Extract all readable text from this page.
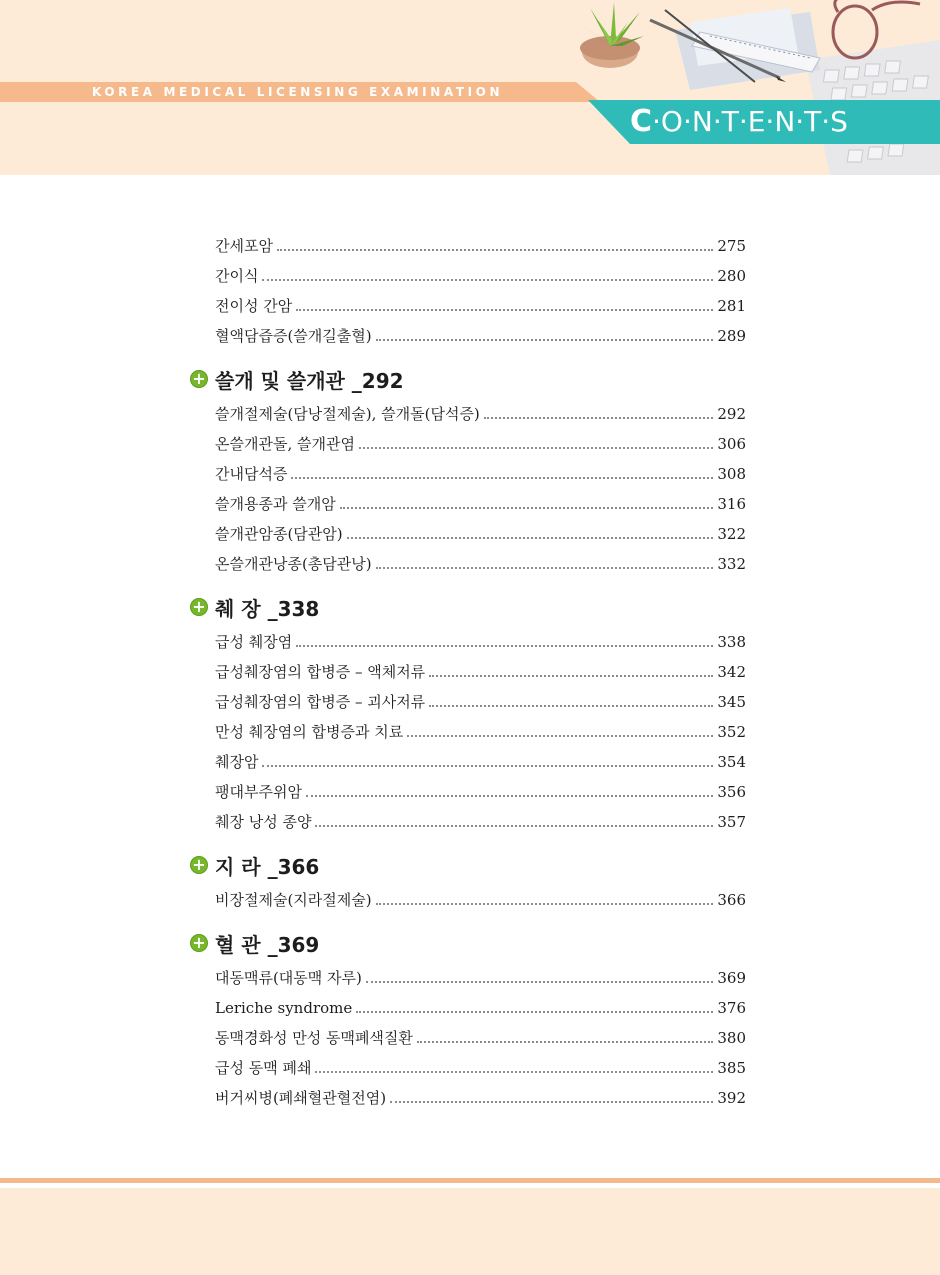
KOREA MEDICAL LICENSING EXAMINATION
C·O·N·T·E·N·T·S
간세포암	275
간이식	280
전이성 간암	281
혈액담즙증(쓸개길출혈)	289
+ 쓸개 및 쓸개관 _292
쓸개절제술(담낭절제술), 쓸개돌(담석증)	292
온쓸개관돌, 쓸개관염	306
간내담석증	308
쓸개용종과 쓸개암	316
쓸개관암종(담관암)	322
온쓸개관낭종(총담관낭)	332
+ 췌 장 _338
급성 췌장염	338
급성췌장염의 합병증 – 액체저류	342
급성췌장염의 합병증 – 괴사저류	345
만성 췌장염의 합병증과 치료	352
췌장암	354
팽대부주위암	356
췌장 낭성 종양	357
+ 지 라 _366
비장절제술(지라절제술)	366
+ 혈 관 _369
대동맥류(대동맥 자루)	369
Leriche syndrome	376
동맥경화성 만성 동맥폐색질환	380
급성 동맥 폐쇄	385
버거씨병(폐쇄혈관혈전염)	392
